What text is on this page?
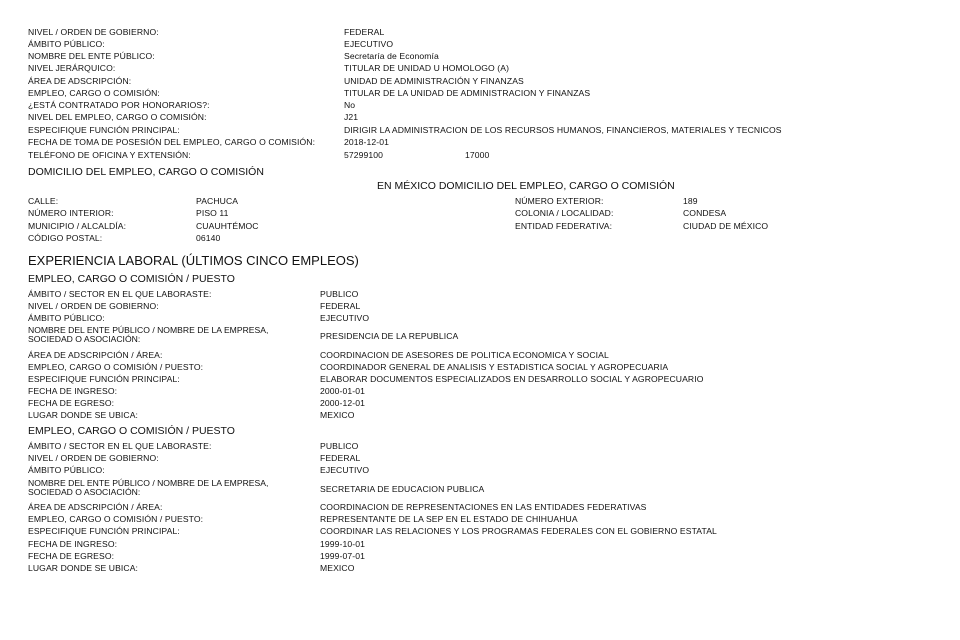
NIVEL / ORDEN DE GOBIERNO:	FEDERAL
ÁMBITO PÚBLICO:	EJECUTIVO
NOMBRE DEL ENTE PÚBLICO:	Secretaría de Economía
NIVEL JERÁRQUICO:	TITULAR DE UNIDAD U HOMOLOGO (A)
ÁREA DE ADSCRIPCIÓN:	UNIDAD DE ADMINISTRACIÓN Y FINANZAS
EMPLEO, CARGO O COMISIÓN:	TITULAR DE LA UNIDAD DE ADMINISTRACION Y FINANZAS
¿ESTÁ CONTRATADO POR HONORARIOS?:	No
NIVEL DEL EMPLEO, CARGO O COMISIÓN:	J21
ESPECIFIQUE FUNCIÓN PRINCIPAL:	DIRIGIR LA ADMINISTRACION DE LOS RECURSOS HUMANOS, FINANCIEROS, MATERIALES Y TECNICOS
FECHA DE TOMA DE POSESIÓN DEL EMPLEO, CARGO O COMISIÓN:	2018-12-01
TELÉFONO DE OFICINA Y EXTENSIÓN:	57299100	17000
DOMICILIO DEL EMPLEO, CARGO O COMISIÓN
EN MÉXICO DOMICILIO DEL EMPLEO, CARGO O COMISIÓN
CALLE:	PACHUCA	NÚMERO EXTERIOR:	189
NÚMERO INTERIOR:	PISO 11	COLONIA / LOCALIDAD:	CONDESA
MUNICIPIO / ALCALDÍA:	CUAUHTÉMOC	ENTIDAD FEDERATIVA:	CIUDAD DE MÉXICO
CÓDIGO POSTAL:	06140
EXPERIENCIA LABORAL (ÚLTIMOS CINCO EMPLEOS)
EMPLEO, CARGO O COMISIÓN / PUESTO
ÁMBITO / SECTOR EN EL QUE LABORASTE:	PUBLICO
NIVEL / ORDEN DE GOBIERNO:	FEDERAL
ÁMBITO PÚBLICO:	EJECUTIVO
NOMBRE DEL ENTE PÚBLICO / NOMBRE DE LA EMPRESA,
SOCIEDAD O ASOCIACIÓN:	PRESIDENCIA DE LA REPUBLICA
ÁREA DE ADSCRIPCIÓN / ÁREA:	COORDINACION DE ASESORES DE POLITICA ECONOMICA Y SOCIAL
EMPLEO, CARGO O COMISIÓN / PUESTO:	COORDINADOR GENERAL DE ANALISIS Y ESTADISTICA SOCIAL Y AGROPECUARIA
ESPECIFIQUE FUNCIÓN PRINCIPAL:	ELABORAR DOCUMENTOS ESPECIALIZADOS EN DESARROLLO SOCIAL Y AGROPECUARIO
FECHA DE INGRESO:	2000-01-01
FECHA DE EGRESO:	2000-12-01
LUGAR DONDE SE UBICA:	MEXICO
EMPLEO, CARGO O COMISIÓN / PUESTO
ÁMBITO / SECTOR EN EL QUE LABORASTE:	PUBLICO
NIVEL / ORDEN DE GOBIERNO:	FEDERAL
ÁMBITO PÚBLICO:	EJECUTIVO
NOMBRE DEL ENTE PÚBLICO / NOMBRE DE LA EMPRESA,
SOCIEDAD O ASOCIACIÓN:	SECRETARIA DE EDUCACION PUBLICA
ÁREA DE ADSCRIPCIÓN / ÁREA:	COORDINACION DE REPRESENTACIONES EN LAS ENTIDADES FEDERATIVAS
EMPLEO, CARGO O COMISIÓN / PUESTO:	REPRESENTANTE DE LA SEP EN EL ESTADO DE CHIHUAHUA
ESPECIFIQUE FUNCIÓN PRINCIPAL:	COORDINAR LAS RELACIONES Y LOS PROGRAMAS FEDERALES CON EL GOBIERNO ESTATAL
FECHA DE INGRESO:	1999-10-01
FECHA DE EGRESO:	1999-07-01
LUGAR DONDE SE UBICA:	MEXICO
